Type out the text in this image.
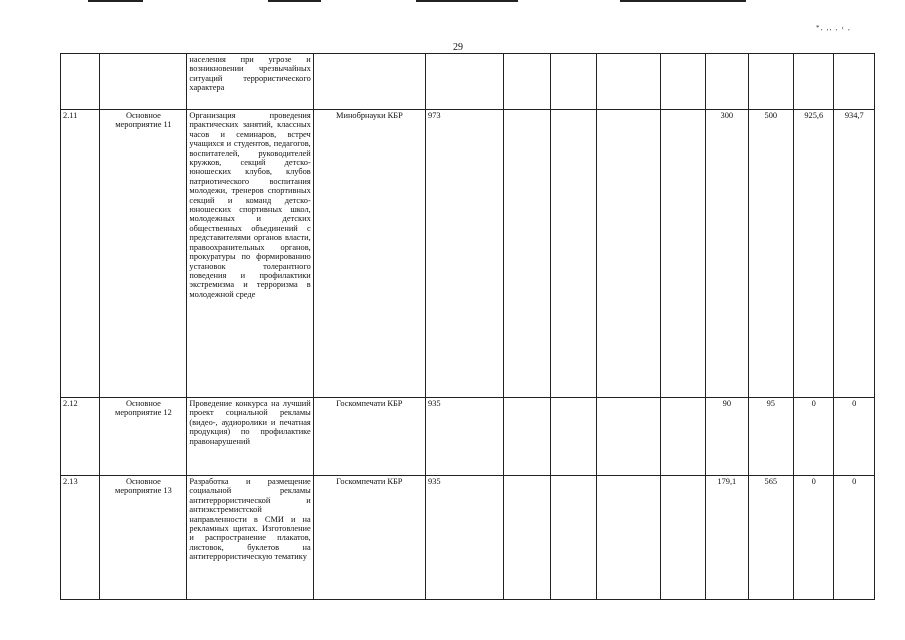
*‚ ,‚ ‚ ‹ ‚
29
		населения при угрозе и возникновении чрезвычайных ситуаций террористического характера										
2.11	Основное мероприятие 11	Организация проведения практических занятий, классных часов и семинаров, встреч учащихся и студентов, педагогов, воспитателей, руководителей кружков, секций детско-юношеских клубов, клубов патриотического воспитания молодежи, тренеров спортивных секций и команд детско-юношеских спортивных школ, молодежных и детских общественных объединений с представителями органов власти, правоохранительных органов, прокуратуры по формированию установок толерантного поведения и профилактики экстремизма и терроризма в молодежной среде	Минобрнауки КБР	973					300	500	925,6	934,7
2.12	Основное мероприятие 12	Проведение конкурса на лучший проект социальной рекламы (видео-, аудиоролики и печатная продукция) по профилактике правонарушений	Госкомпечати КБР	935					90	95	0	0
2.13	Основное мероприятие 13	Разработка и размещение социальной рекламы антитеррористической и антиэкстремистской направленности в СМИ и на рекламных щитах. Изготовление и распространение плакатов, листовок, буклетов на антитеррористическую тематику	Госкомпечати КБР	935					179,1	565	0	0
